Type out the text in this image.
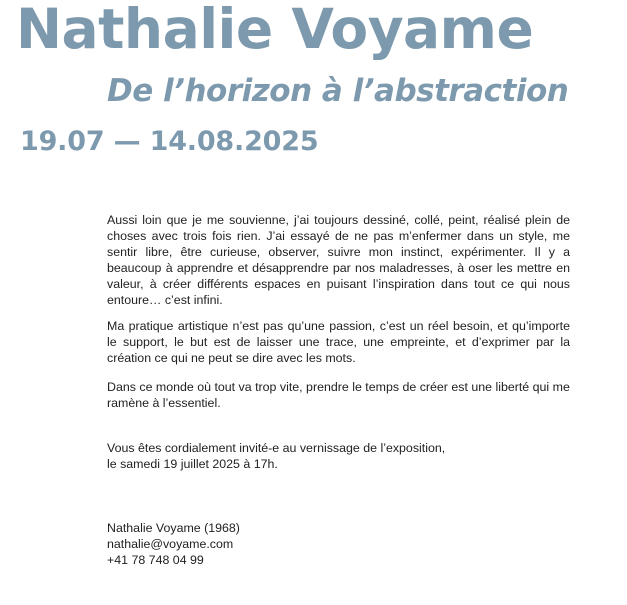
Nathalie Voyame
De l’horizon à l’abstraction
19.07 — 14.08.2025

Aussi loin que je me souvienne, j’ai toujours dessiné, collé, peint, réalisé plein de choses avec trois fois rien. J’ai essayé de ne pas m’enfermer dans un style, me sentir libre, être curieuse, observer, suivre mon instinct, expérimenter. Il y a beaucoup à apprendre et désapprendre par nos maladresses, à oser les mettre en valeur, à créer différents espaces en puisant l’inspiration dans tout ce qui nous entoure… c’est infini.

Ma pratique artistique n’est pas qu’une passion, c’est un réel besoin, et qu’importe le support, le but est de laisser une trace, une empreinte, et d’exprimer par la création ce qui ne peut se dire avec les mots.

Dans ce monde où tout va trop vite, prendre le temps de créer est une liberté qui me ramène à l’essentiel.

Vous êtes cordialement invité-e au vernissage de l’exposition,
le samedi 19 juillet 2025 à 17h.
Nathalie Voyame (1968)
nathalie@voyame.com
+41 78 748 04 99
